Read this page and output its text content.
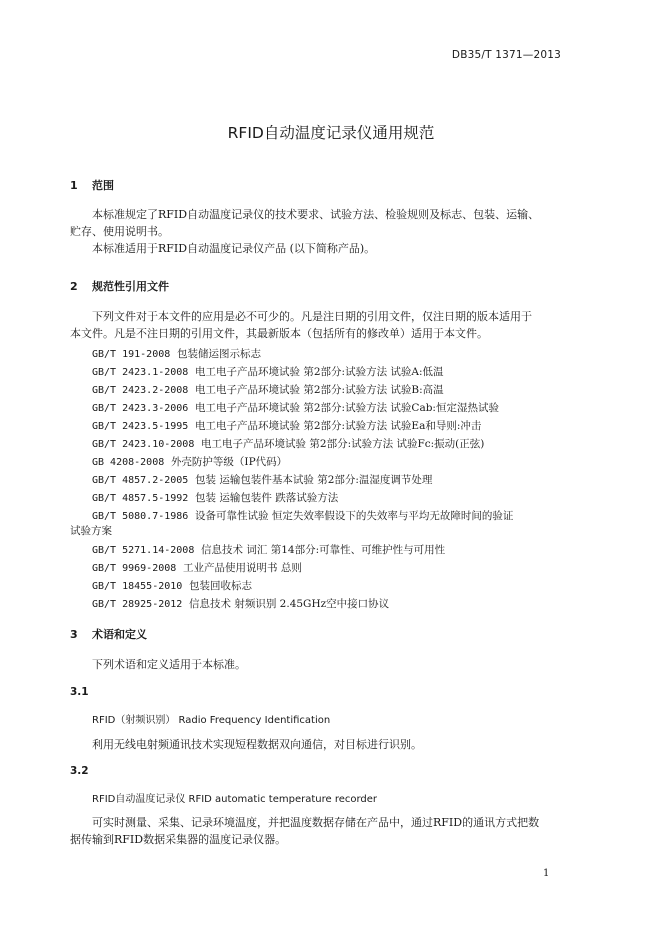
DB35/T 1371—2013
RFID自动温度记录仪通用规范
1 范围
本标准规定了RFID自动温度记录仪的技术要求、试验方法、检验规则及标志、包装、运输、
贮存、使用说明书。
本标准适用于RFID自动温度记录仪产品 (以下简称产品)。
2 规范性引用文件
下列文件对于本文件的应用是必不可少的。凡是注日期的引用文件，仅注日期的版本适用于
本文件。凡是不注日期的引用文件，其最新版本（包括所有的修改单）适用于本文件。
GB/T 191-2008 包装储运图示标志
GB/T 2423.1-2008 电工电子产品环境试验 第2部分:试验方法 试验A:低温
GB/T 2423.2-2008 电工电子产品环境试验 第2部分:试验方法 试验B:高温
GB/T 2423.3-2006 电工电子产品环境试验 第2部分:试验方法 试验Cab:恒定湿热试验
GB/T 2423.5-1995 电工电子产品环境试验 第2部分:试验方法 试验Ea和导则:冲击
GB/T 2423.10-2008 电工电子产品环境试验 第2部分:试验方法 试验Fc:振动(正弦)
GB 4208-2008 外壳防护等级（IP代码）
GB/T 4857.2-2005 包装 运输包装件基本试验 第2部分:温湿度调节处理
GB/T 4857.5-1992 包装 运输包装件 跌落试验方法
GB/T 5080.7-1986 设备可靠性试验 恒定失效率假设下的失效率与平均无故障时间的验证
试验方案
GB/T 5271.14-2008 信息技术 词汇 第14部分:可靠性、可维护性与可用性
GB/T 9969-2008 工业产品使用说明书 总则
GB/T 18455-2010 包装回收标志
GB/T 28925-2012 信息技术 射频识别 2.45GHz空中接口协议
3 术语和定义
下列术语和定义适用于本标准。
3.1
RFID（射频识别） Radio Frequency Identification
利用无线电射频通讯技术实现短程数据双向通信，对目标进行识别。
3.2
RFID自动温度记录仪 RFID automatic temperature recorder
可实时测量、采集、记录环境温度，并把温度数据存储在产品中，通过RFID的通讯方式把数
据传输到RFID数据采集器的温度记录仪器。
1
